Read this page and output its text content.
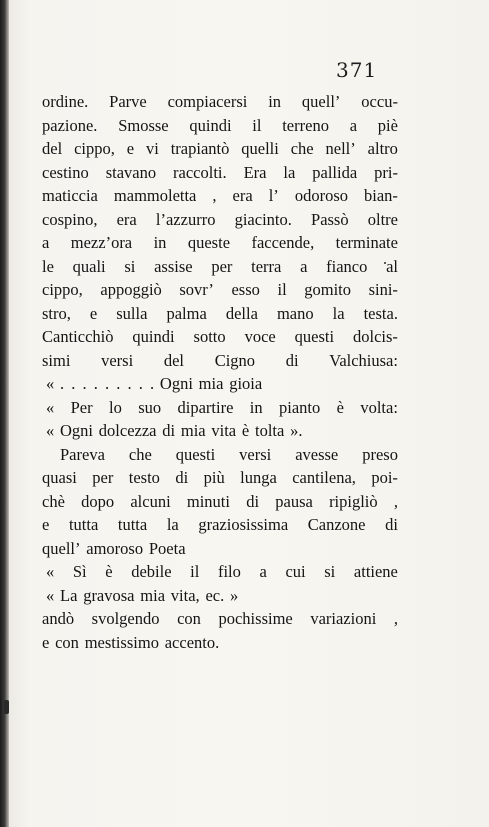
371

ordine. Parve compiacersi in quell’ occu-
pazione. Smosse quindi il terreno a piè
del cippo, e vi trapiantò quelli che nell’ altro
cestino stavano raccolti. Era la pallida pri-
maticcia mammoletta , era l’ odoroso bian-
cospino, era l’azzurro giacinto. Passò oltre
a mezz’ora in queste faccende, terminate
le quali si assise per terra a fianco al
cippo, appoggiò sovr’ esso il gomito sini-
stro, e sulla palma della mano la testa.
Canticchiò quindi sotto voce questi dolcis-
simi versi del Cigno di Valchiusa:
« . . . . . . . . . Ogni mia gioia
« Per lo suo dipartire in pianto è volta:
« Ogni dolcezza di mia vita è tolta ».
Pareva che questi versi avesse preso
quasi per testo di più lunga cantilena, poi-
chè dopo alcuni minuti di pausa ripigliò ,
e tutta tutta la graziosissima Canzone di
quell’ amoroso Poeta
« Sì è debile il filo a cui si attiene
« La gravosa mia vita, ec. »
andò svolgendo con pochissime variazioni ,
e con mestissimo accento.
